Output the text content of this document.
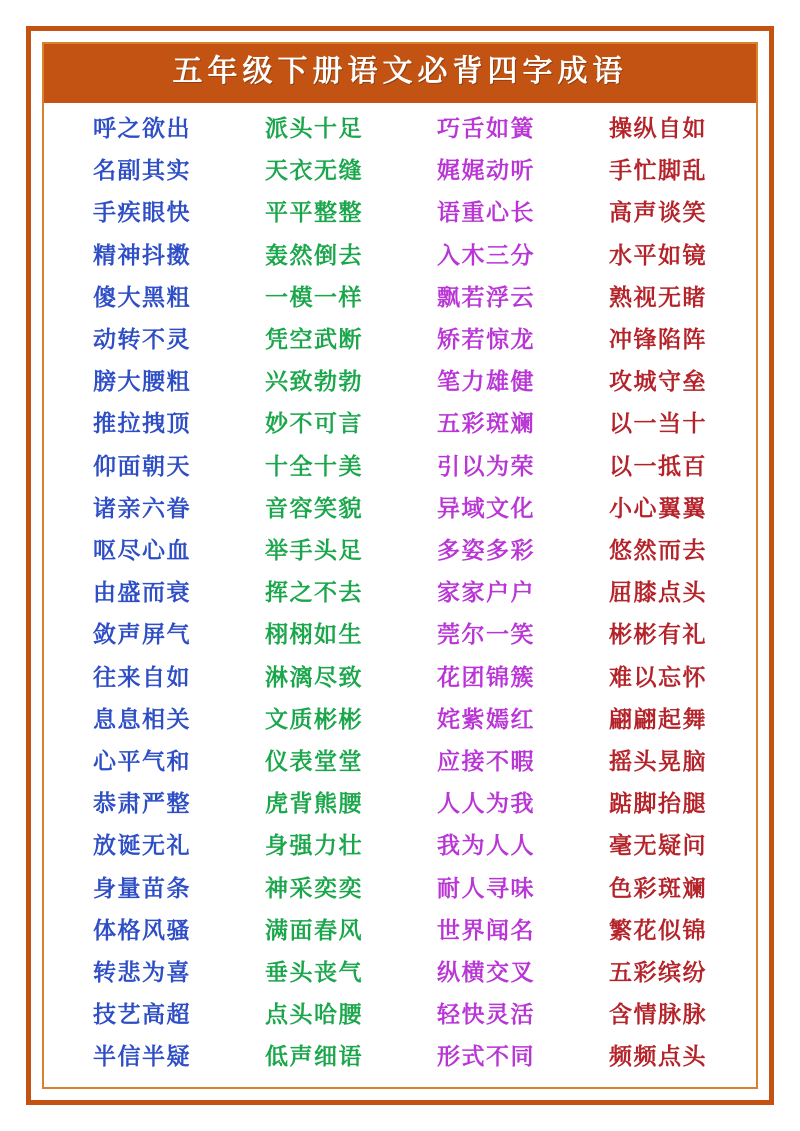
五年级下册语文必背四字成语
呼之欲出	派头十足	巧舌如簧	操纵自如
名副其实	天衣无缝	娓娓动听	手忙脚乱
手疾眼快	平平整整	语重心长	高声谈笑
精神抖擞	轰然倒去	入木三分	水平如镜
傻大黑粗	一模一样	飘若浮云	熟视无睹
动转不灵	凭空武断	矫若惊龙	冲锋陷阵
膀大腰粗	兴致勃勃	笔力雄健	攻城守垒
推拉拽顶	妙不可言	五彩斑斓	以一当十
仰面朝天	十全十美	引以为荣	以一抵百
诸亲六眷	音容笑貌	异域文化	小心翼翼
呕尽心血	举手头足	多姿多彩	悠然而去
由盛而衰	挥之不去	家家户户	屈膝点头
敛声屏气	栩栩如生	莞尔一笑	彬彬有礼
往来自如	淋漓尽致	花团锦簇	难以忘怀
息息相关	文质彬彬	姹紫嫣红	翩翩起舞
心平气和	仪表堂堂	应接不暇	摇头晃脑
恭肃严整	虎背熊腰	人人为我	踮脚抬腿
放诞无礼	身强力壮	我为人人	毫无疑问
身量苗条	神采奕奕	耐人寻味	色彩斑斓
体格风骚	满面春风	世界闻名	繁花似锦
转悲为喜	垂头丧气	纵横交叉	五彩缤纷
技艺高超	点头哈腰	轻快灵活	含情脉脉
半信半疑	低声细语	形式不同	频频点头
